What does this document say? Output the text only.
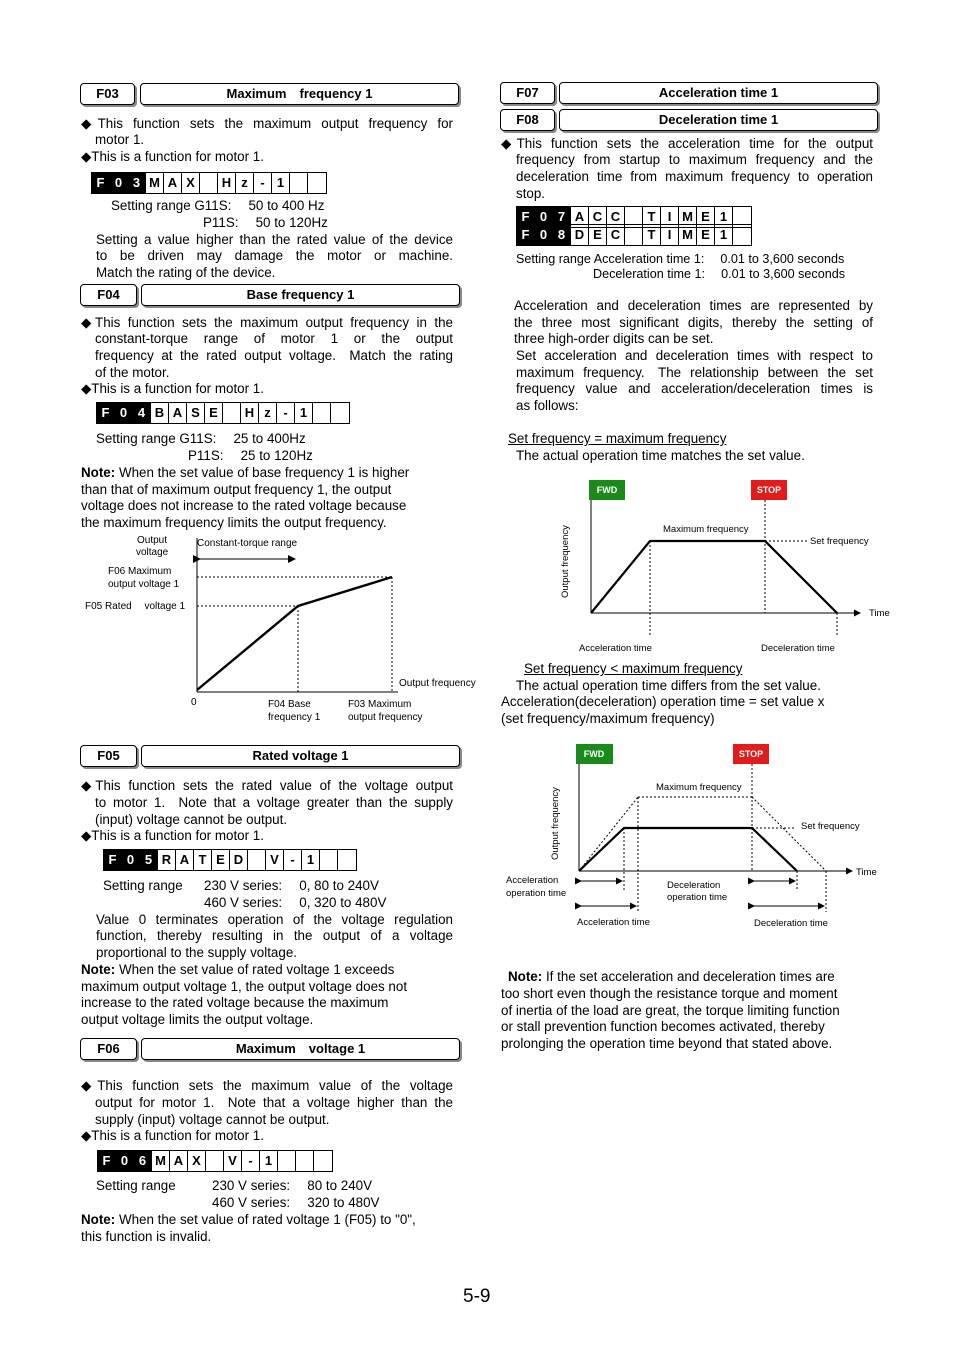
F03	Maximum frequency 1
◆This function sets the maximum output frequency for
motor 1.
◆This is a function for motor 1.
F 0 3 M A X	H z - 1
Setting range G11S:  50 to 400 Hz
P11S:  50 to 120Hz
Setting a value higher than the rated value of the device
to be driven may damage the motor or machine.
Match the rating of the device.
F04	Base frequency 1
◆This function sets the maximum output frequency in the
constant-torque range of motor 1 or the output
frequency at the rated output voltage. Match the rating
of the motor.
◆This is a function for motor 1.
F 0 4 B A S E	H z - 1
Setting range G11S:  25 to 400Hz
P11S:  25 to 120Hz
Note: When the set value of base frequency 1 is higher
than that of maximum output frequency 1, the output
voltage does not increase to the rated voltage because
the maximum frequency limits the output frequency.
Output
voltage
Constant-torque range
F06 Maximum
output voltage 1
F05 Rated  voltage 1
Output frequency
0	F04 Base
frequency 1
F03 Maximum
output frequency
F05	Rated voltage 1
◆This function sets the rated value of the voltage output
to motor 1. Note that a voltage greater than the supply
(input) voltage cannot be output.
◆This is a function for motor 1.
F 0 5 R A T E D	V - 1
Setting range 230 V series:  0, 80 to 240V
460 V series:  0, 320 to 480V
Value 0 terminates operation of the voltage regulation
function, thereby resulting in the output of a voltage
proportional to the supply voltage.
Note: When the set value of rated voltage 1 exceeds
maximum output voltage 1, the output voltage does not
increase to the rated voltage because the maximum
output voltage limits the output voltage.
F06	Maximum voltage 1
◆This function sets the maximum value of the voltage
output for motor 1. Note that a voltage higher than the
supply (input) voltage cannot be output.
◆This is a function for motor 1.
F 0 6 M A X	V - 1
Setting range	230 V series:  80 to 240V
460 V series:  320 to 480V
Note: When the set value of rated voltage 1 (F05) to "0",
this function is invalid.
F07	Acceleration time 1
F08	Deceleration time 1
◆This function sets the acceleration time for the output
frequency from startup to maximum frequency and the
deceleration time from maximum frequency to operation
stop.
F 0 7 A C C	T I M E 1
F 0 8 D E C	T I M E 1
Setting range Acceleration time 1:  0.01 to 3,600 seconds
Deceleration time 1:  0.01 to 3,600 seconds
Acceleration and deceleration times are represented by
the three most significant digits, thereby the setting of
three high-order digits can be set.
Set acceleration and deceleration times with respect to
maximum frequency. The relationship between the set
frequency value and acceleration/deceleration times is
as follows:
Set frequency = maximum frequency
The actual operation time matches the set value.
FWD	STOP
Maximum frequency
Set frequency
Time
Output frequency
Acceleration time	Deceleration time
Set frequency < maximum frequency
The actual operation time differs from the set value.
Acceleration(deceleration) operation time = set value x
(set frequency/maximum frequency)
FWD	STOP
Maximum frequency
Set frequency
Time
Output frequency
Acceleration
operation time
Deceleration
operation time
Acceleration time	Deceleration time
Note: If the set acceleration and deceleration times are
too short even though the resistance torque and moment
of inertia of the load are great, the torque limiting function
or stall prevention function becomes activated, thereby
prolonging the operation time beyond that stated above.
5-9
